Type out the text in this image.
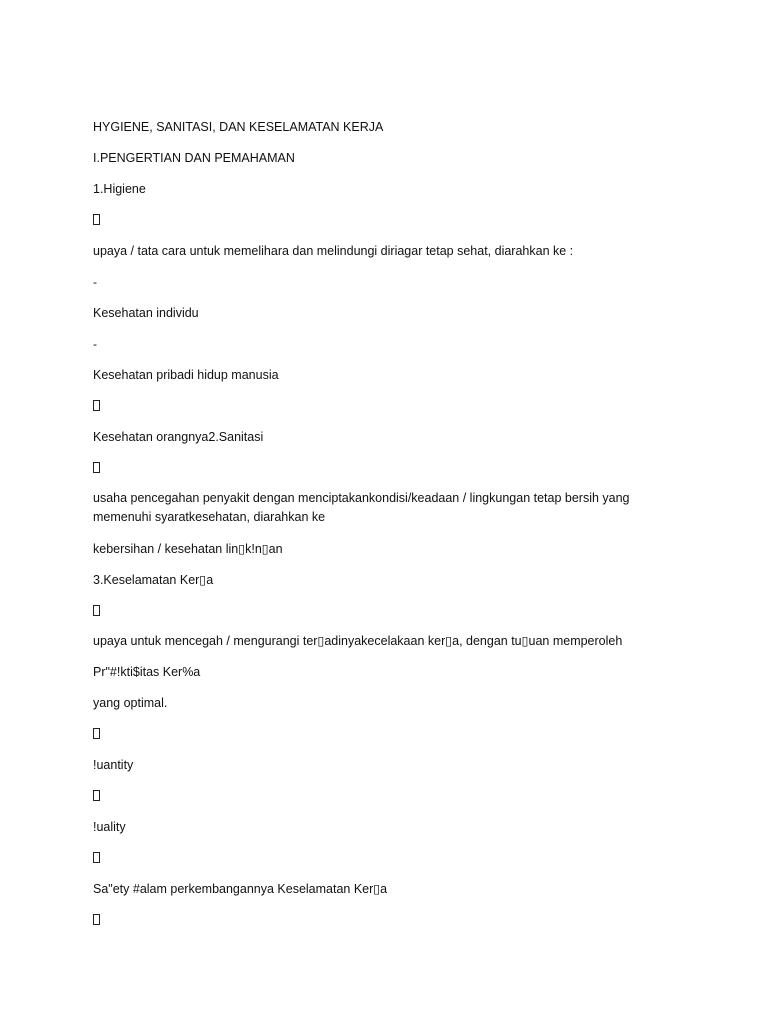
HYGIENE, SANITASI, DAN KESELAMATAN KERJA
I.PENGERTIAN DAN PEMAHAMAN
1.Higiene
upaya / tata cara untuk memelihara dan melindungi diriagar tetap sehat, diarahkan ke :
-
Kesehatan individu
-
Kesehatan pribadi hidup manusia
Kesehatan orangnya2.Sanitasi
usaha pencegahan penyakit dengan menciptakankondisi/keadaan / lingkungan tetap bersih yang memenuhi syaratkesehatan, diarahkan ke
kebersihan / kesehatan lin▯k!n▯an
3.Keselamatan Ker▯a
upaya untuk mencegah / mengurangi ter▯adinyakecelakaan ker▯a, dengan tu▯uan memperoleh
Pr"#!kti$itas Ker%a
yang optimal.
!uantity
!uality
Sa"ety #alam perkembangannya Keselamatan Ker▯a
